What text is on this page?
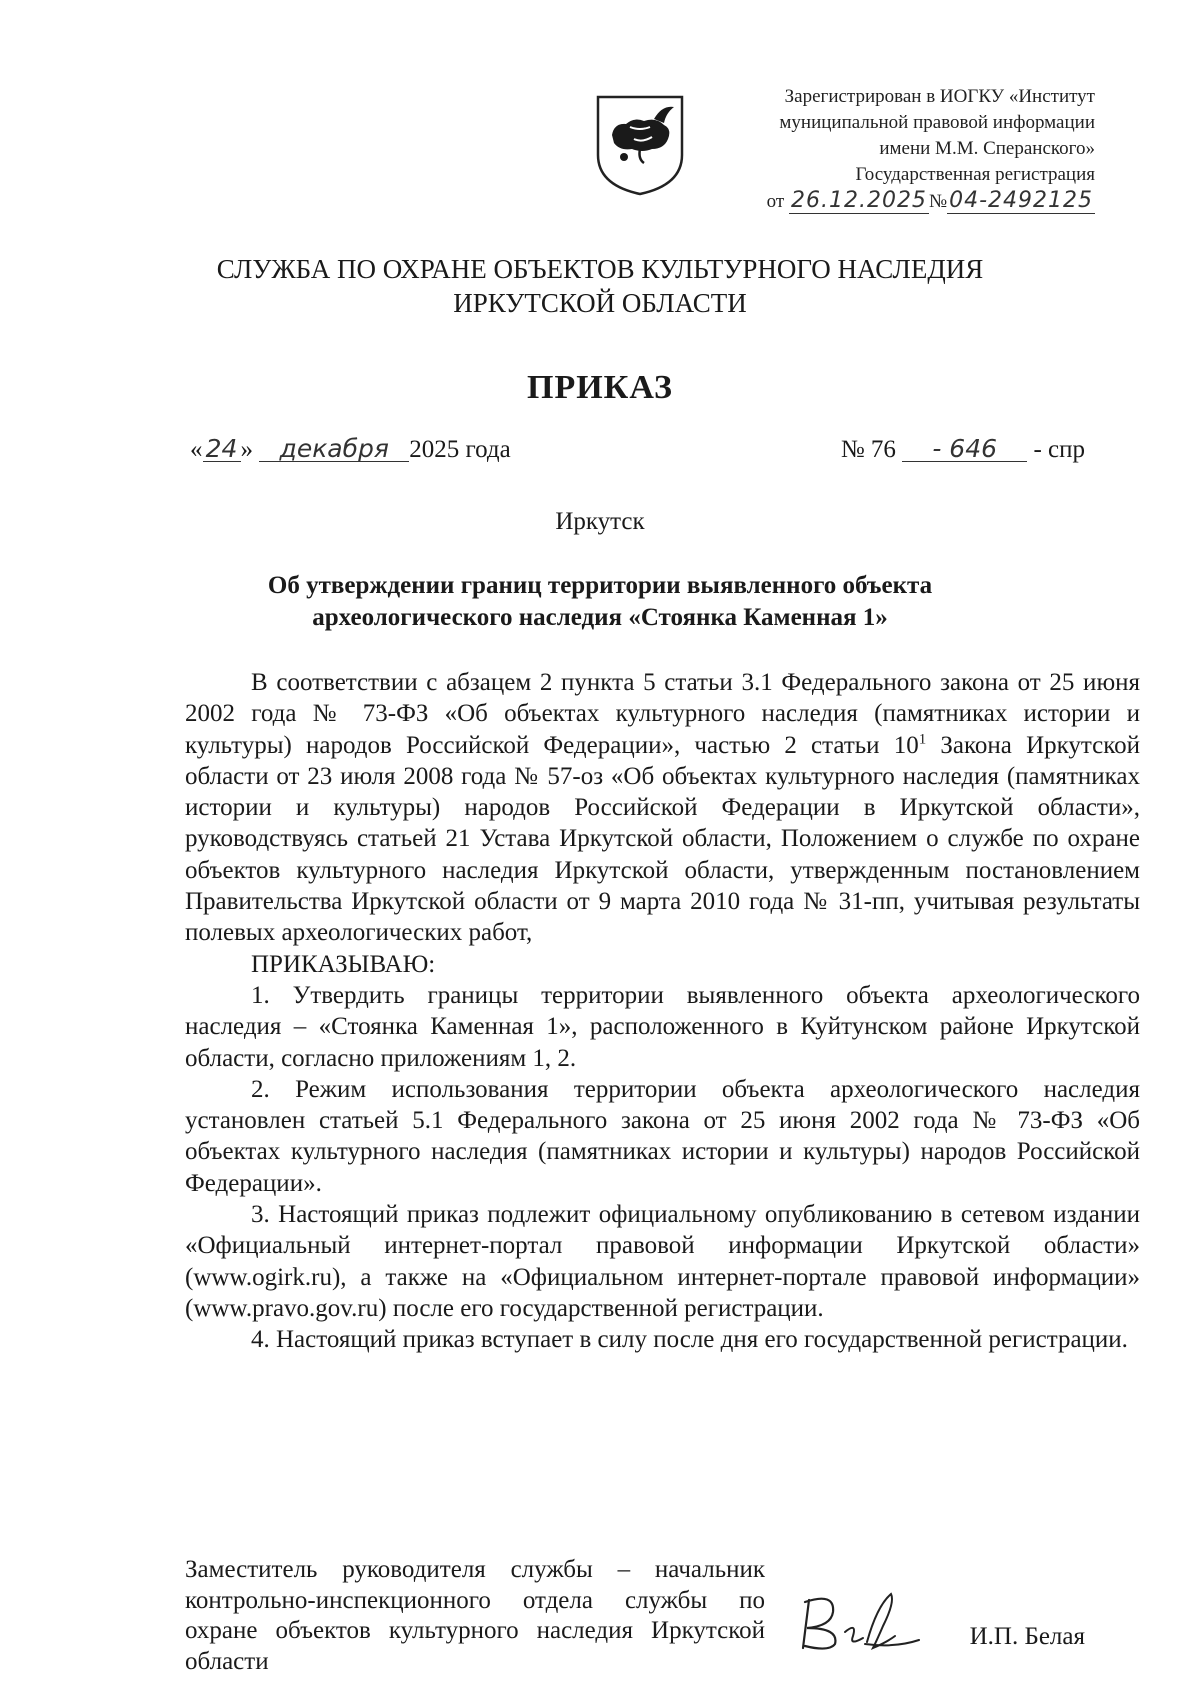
Зарегистрирован в ИОГКУ «Институт
муниципальной правовой информации
имени М.М. Сперанского»
Государственная регистрация
от 26.12.2025 №04-2492125
СЛУЖБА ПО ОХРАНЕ ОБЪЕКТОВ КУЛЬТУРНОГО НАСЛЕДИЯ
ИРКУТСКОЙ ОБЛАСТИ
ПРИКАЗ
« 24 » декабря 2025 года	№ 76 - 646 - спр
Иркутск
Об утверждении границ территории выявленного объекта
археологического наследия «Стоянка Каменная 1»

В соответствии с абзацем 2 пункта 5 статьи 3.1 Федерального закона от 25 июня 2002 года № 73-ФЗ «Об объектах культурного наследия (памятниках истории и культуры) народов Российской Федерации», частью 2 статьи $10^1$ Закона Иркутской области от 23 июля 2008 года № 57-оз «Об объектах культурного наследия (памятниках истории и культуры) народов Российской Федерации в Иркутской области», руководствуясь статьей 21 Устава Иркутской области, Положением о службе по охране объектов культурного наследия Иркутской области, утвержденным постановлением Правительства Иркутской области от 9 марта 2010 года № 31-пп, учитывая результаты полевых археологических работ,

ПРИКАЗЫВАЮ:

1. Утвердить границы территории выявленного объекта археологического наследия – «Стоянка Каменная 1», расположенного в Куйтунском районе Иркутской области, согласно приложениям 1, 2.

2. Режим использования территории объекта археологического наследия установлен статьей 5.1 Федерального закона от 25 июня 2002 года № 73-ФЗ «Об объектах культурного наследия (памятниках истории и культуры) народов Российской Федерации».

3. Настоящий приказ подлежит официальному опубликованию в сетевом издании «Официальный интернет-портал правовой информации Иркутской области» (www.ogirk.ru), а также на «Официальном интернет-портале правовой информации» (www.pravo.gov.ru) после его государственной регистрации.

4. Настоящий приказ вступает в силу после дня его государственной регистрации.

Заместитель руководителя службы – начальник контрольно-инспекционного отдела службы по охране объектов культурного наследия Иркутской области

И.П. Белая
